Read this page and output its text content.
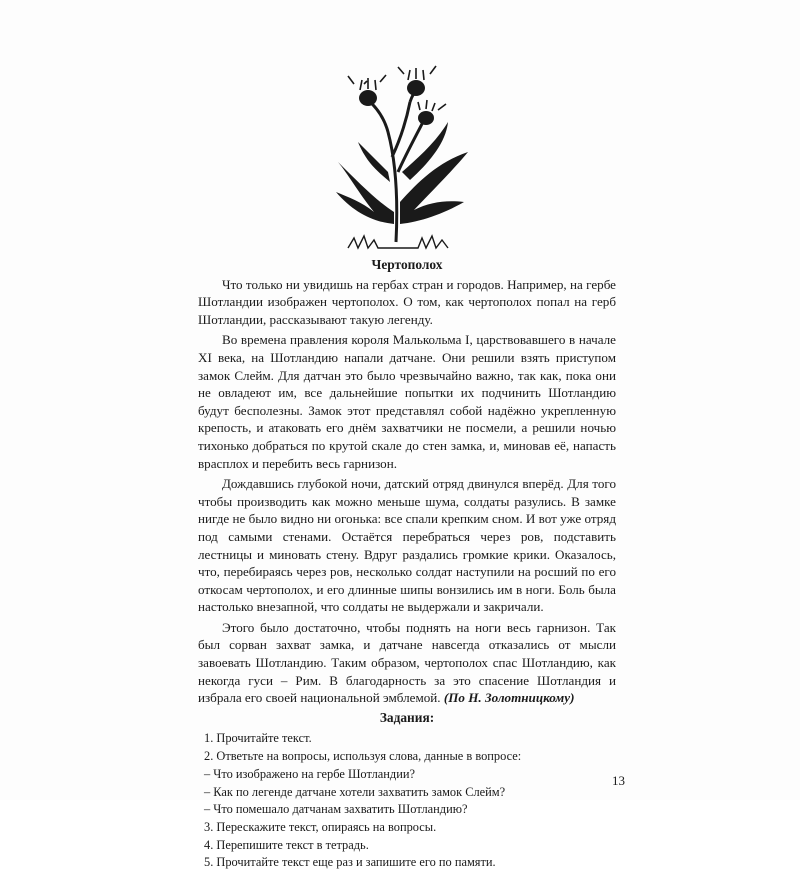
Чертополох

Что только ни увидишь на гербах стран и городов. Например, на гербе Шотландии изображен чертополох. О том, как чертополох попал на герб Шотландии, рассказывают такую легенду.

Во времена правления короля Малькольма I, царствовавшего в начале XI века, на Шотландию напали датчане. Они решили взять приступом замок Слейм. Для датчан это было чрезвычайно важно, так как, пока они не овладеют им, все дальнейшие попытки их подчинить Шотландию будут бесполезны. Замок этот представлял собой надёжно укрепленную крепость, и атаковать его днём захватчики не посмели, а решили ночью тихонько добраться по крутой скале до стен замка, и, миновав её, напасть врасплох и перебить весь гарнизон.

Дождавшись глубокой ночи, датский отряд двинулся вперёд. Для того чтобы производить как можно меньше шума, солдаты разулись. В замке нигде не было видно ни огонька: все спали крепким сном. И вот уже отряд под самыми стенами. Остаётся перебраться через ров, подставить лестницы и миновать стену. Вдруг раздались громкие крики. Оказалось, что, перебираясь через ров, несколько солдат наступили на росший по его откосам чертополох, и его длинные шипы вонзились им в ноги. Боль была настолько внезапной, что солдаты не выдержали и закричали.

Этого было достаточно, чтобы поднять на ноги весь гарнизон. Так был сорван захват замка, и датчане навсегда отказались от мысли завоевать Шотландию. Таким образом, чертополох спас Шотландию, как некогда гуси – Рим. В благодарность за это спасение Шотландия и избрала его своей национальной эмблемой. (По Н. Золотницкому)

Задания:

1. Прочитайте текст.

2. Ответьте на вопросы, используя слова, данные в вопросе:

– Что изображено на гербе Шотландии?

– Как по легенде датчане хотели захватить замок Слейм?

– Что помешало датчанам захватить Шотландию?

3. Перескажите текст, опираясь на вопросы.

4. Перепишите текст в тетрадь.

5. Прочитайте текст еще раз и запишите его по памяти.

13
